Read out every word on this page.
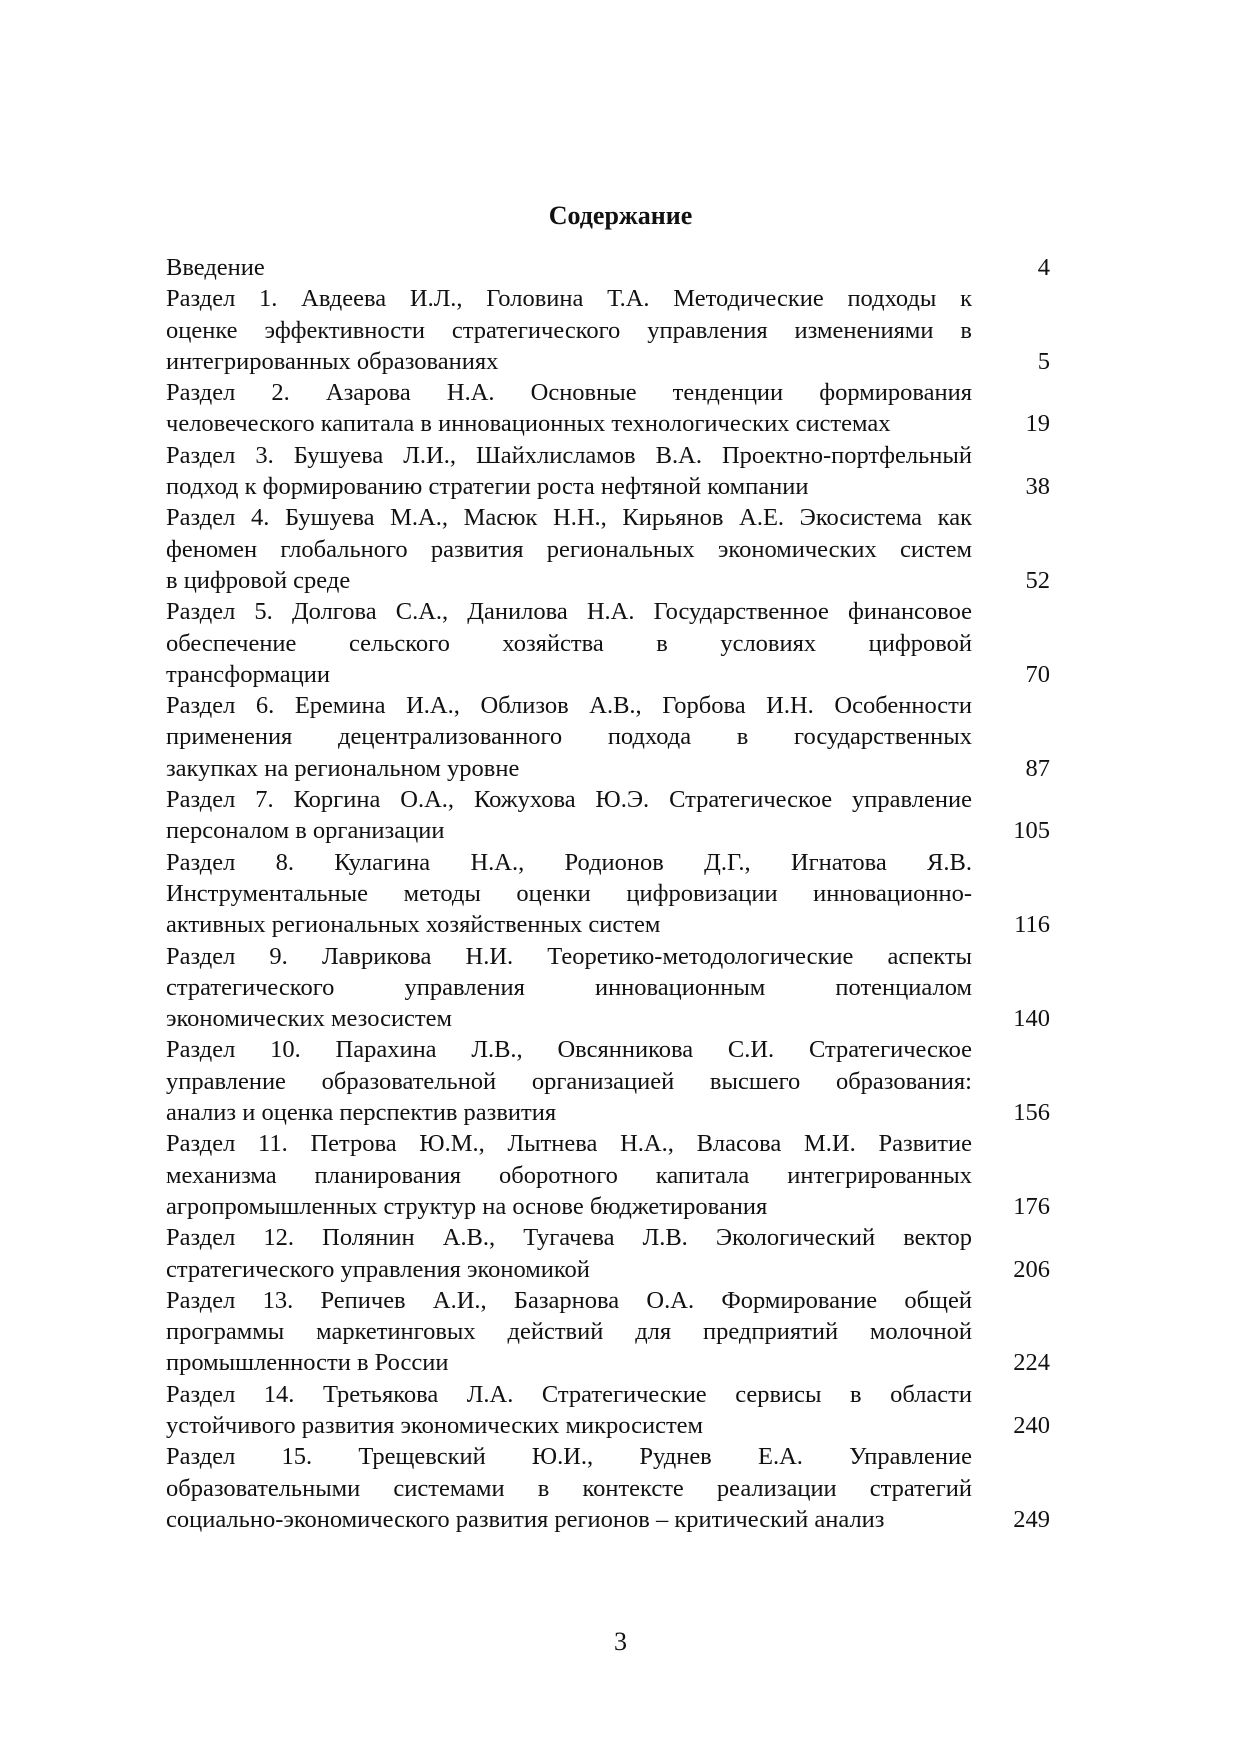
Содержание
Введение	4
Раздел 1. Авдеева И.Л., Головина Т.А. Методические подходы к
оценке эффективности стратегического управления изменениями в
интегрированных образованиях	5
Раздел 2. Азарова Н.А. Основные тенденции формирования
человеческого капитала в инновационных технологических системах	19
Раздел 3. Бушуева Л.И., Шайхлисламов В.А. Проектно-портфельный
подход к формированию стратегии роста нефтяной компании	38
Раздел 4. Бушуева М.А., Масюк Н.Н., Кирьянов А.Е. Экосистема как
феномен глобального развития региональных экономических систем
в цифровой среде	52
Раздел 5. Долгова С.А., Данилова Н.А. Государственное финансовое
обеспечение сельского хозяйства в условиях цифровой
трансформации	70
Раздел 6. Еремина И.А., Облизов А.В., Горбова И.Н. Особенности
применения децентрализованного подхода в государственных
закупках на региональном уровне	87
Раздел 7. Коргина О.А., Кожухова Ю.Э. Стратегическое управление
персоналом в организации	105
Раздел 8. Кулагина Н.А., Родионов Д.Г., Игнатова Я.В.
Инструментальные методы оценки цифровизации инновационно-
активных региональных хозяйственных систем	116
Раздел 9. Лаврикова Н.И. Теоретико-методологические аспекты
стратегического управления инновационным потенциалом
экономических мезосистем	140
Раздел 10. Парахина Л.В., Овсянникова С.И. Стратегическое
управление образовательной организацией высшего образования:
анализ и оценка перспектив развития	156
Раздел 11. Петрова Ю.М., Лытнева Н.А., Власова М.И. Развитие
механизма планирования оборотного капитала интегрированных
агропромышленных структур на основе бюджетирования	176
Раздел 12. Полянин А.В., Тугачева Л.В. Экологический вектор
стратегического управления экономикой	206
Раздел 13. Репичев А.И., Базарнова О.А. Формирование общей
программы маркетинговых действий для предприятий молочной
промышленности в России	224
Раздел 14. Третьякова Л.А. Стратегические сервисы в области
устойчивого развития экономических микросистем	240
Раздел 15. Трещевский Ю.И., Руднев Е.А. Управление
образовательными системами в контексте реализации стратегий
социально-экономического развития регионов – критический анализ	249
3
